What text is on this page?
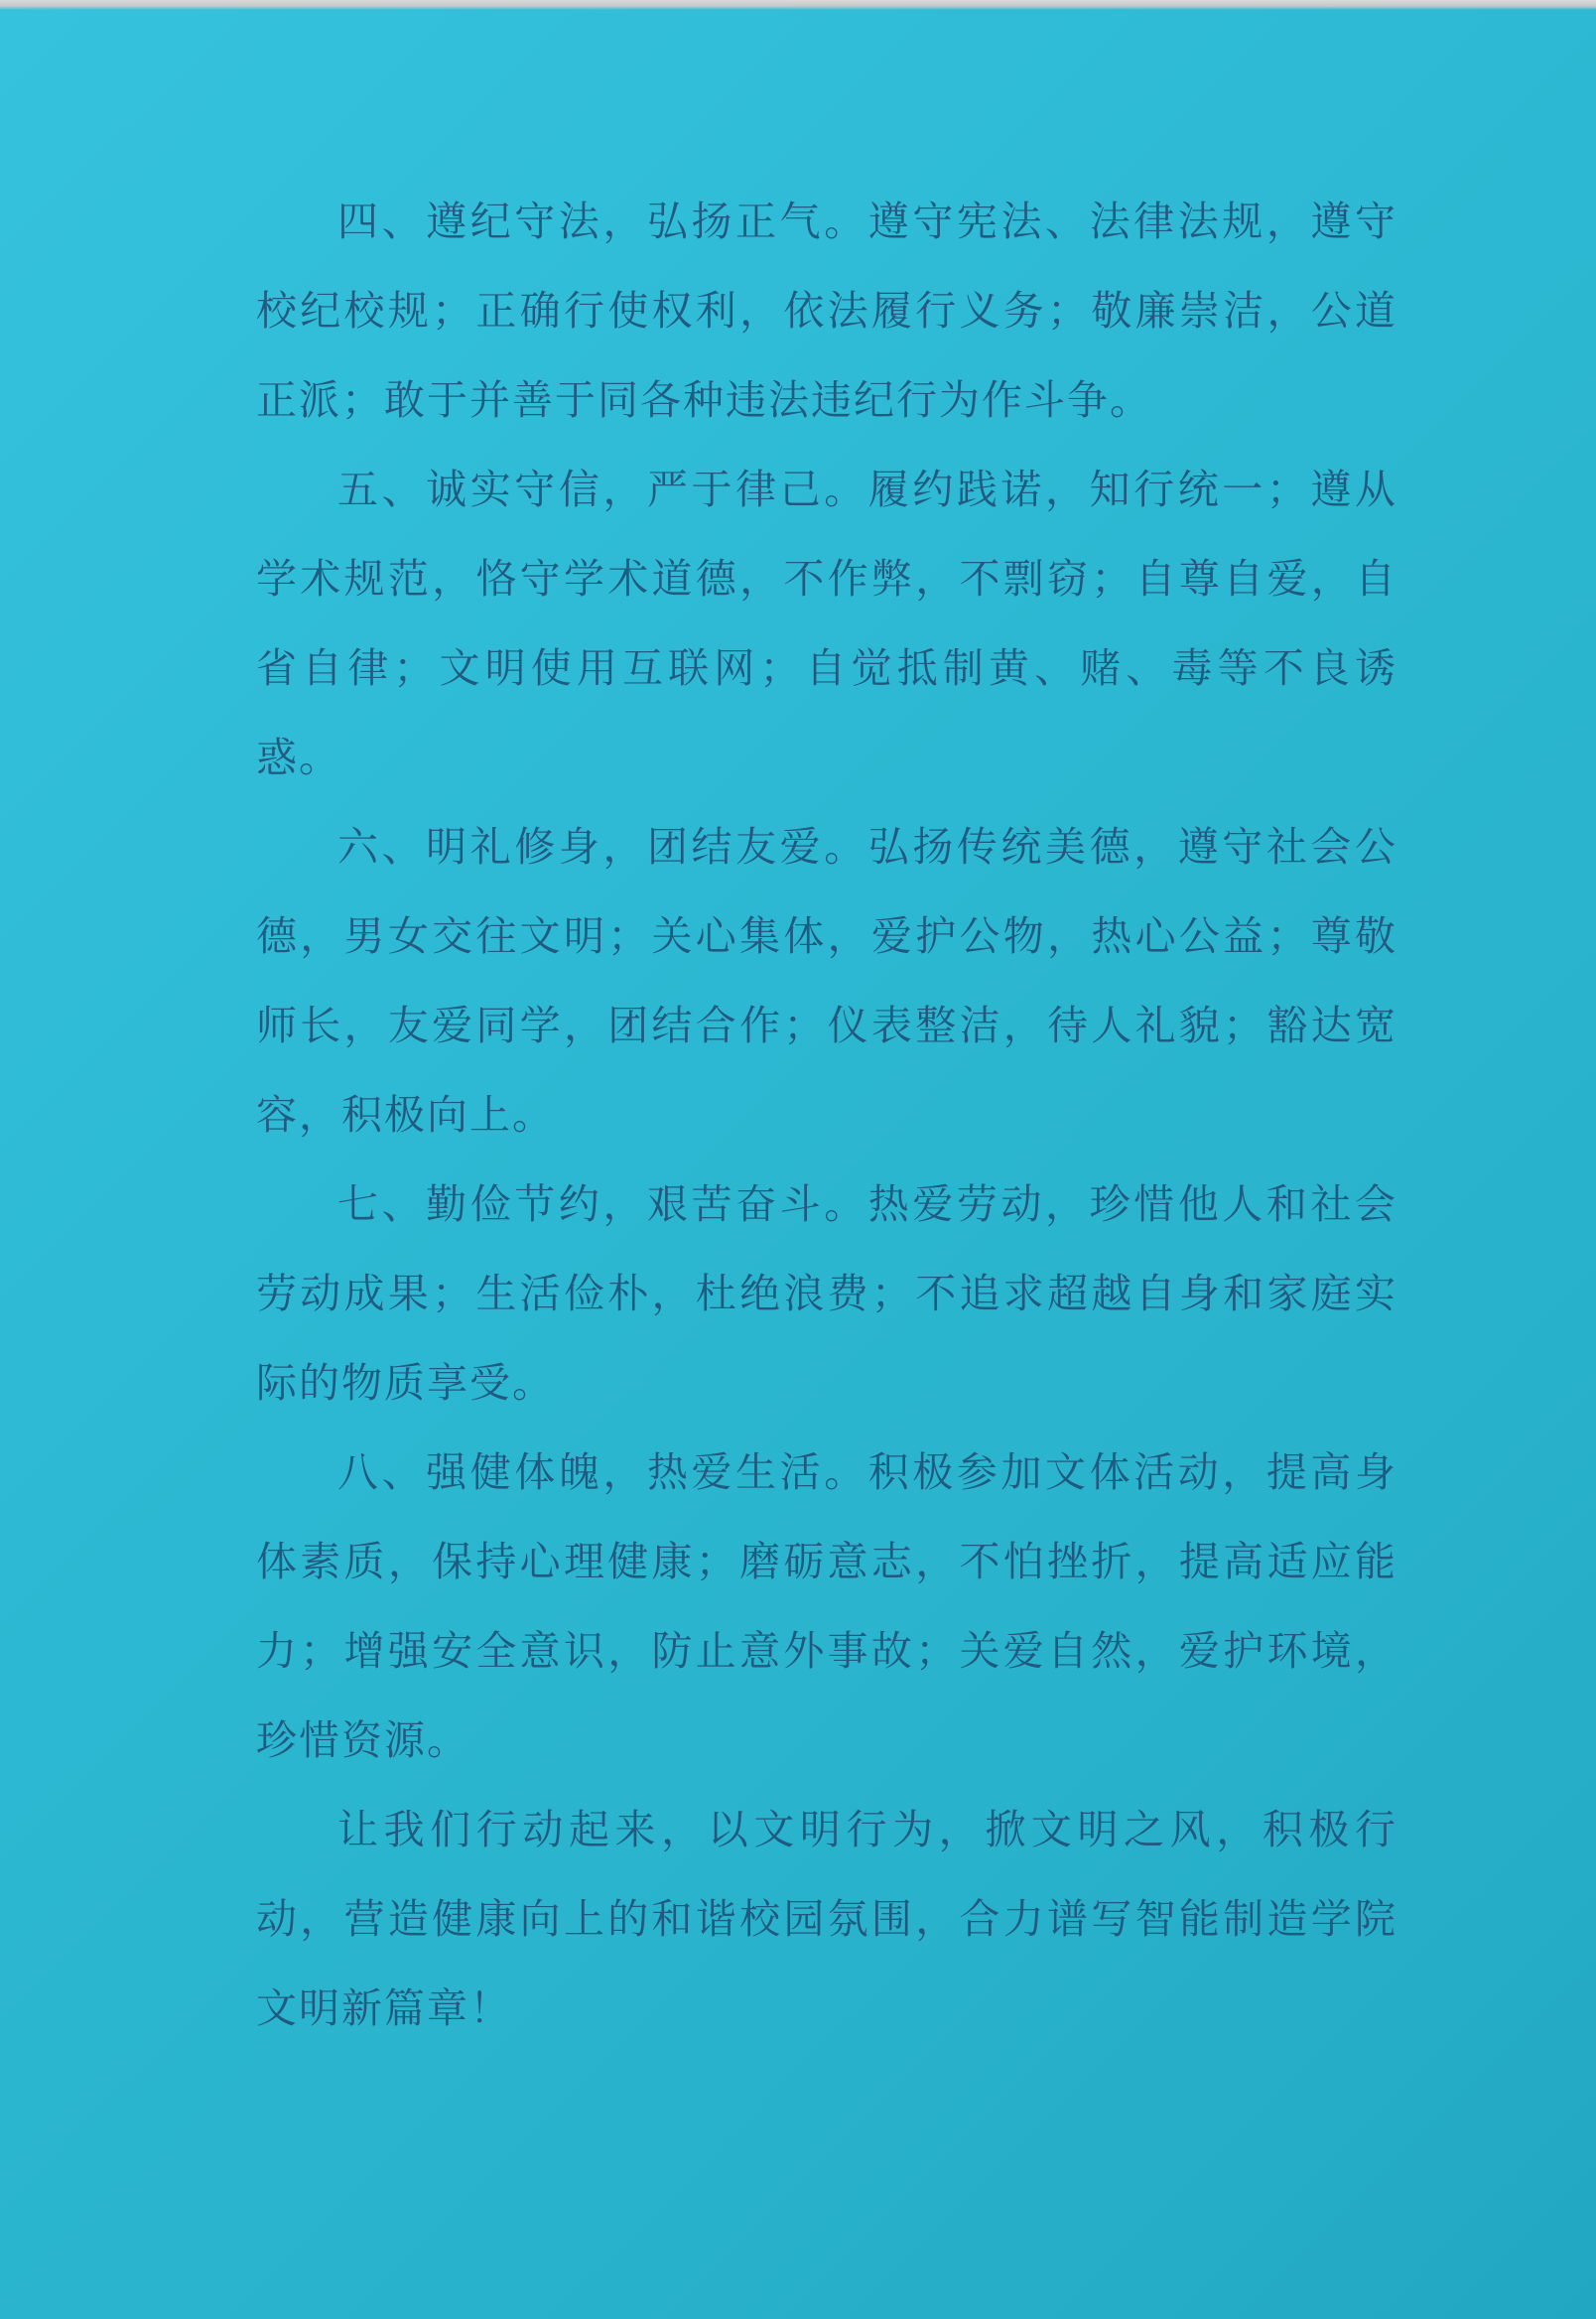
四、遵纪守法，弘扬正气。遵守宪法、法律法规，遵守校纪校规；正确行使权利，依法履行义务；敬廉崇洁，公道正派；敢于并善于同各种违法违纪行为作斗争。

五、诚实守信，严于律己。履约践诺，知行统一；遵从学术规范，恪守学术道德，不作弊，不剽窃；自尊自爱，自省自律；文明使用互联网；自觉抵制黄、赌、毒等不良诱惑。

六、明礼修身，团结友爱。弘扬传统美德，遵守社会公德，男女交往文明；关心集体，爱护公物，热心公益；尊敬师长，友爱同学，团结合作；仪表整洁，待人礼貌；豁达宽容，积极向上。

七、勤俭节约，艰苦奋斗。热爱劳动，珍惜他人和社会劳动成果；生活俭朴，杜绝浪费；不追求超越自身和家庭实际的物质享受。

八、强健体魄，热爱生活。积极参加文体活动，提高身体素质，保持心理健康；磨砺意志，不怕挫折，提高适应能力；增强安全意识，防止意外事故；关爱自然，爱护环境，珍惜资源。

让我们行动起来，以文明行为，掀文明之风，积极行动，营造健康向上的和谐校园氛围，合力谱写智能制造学院文明新篇章！
